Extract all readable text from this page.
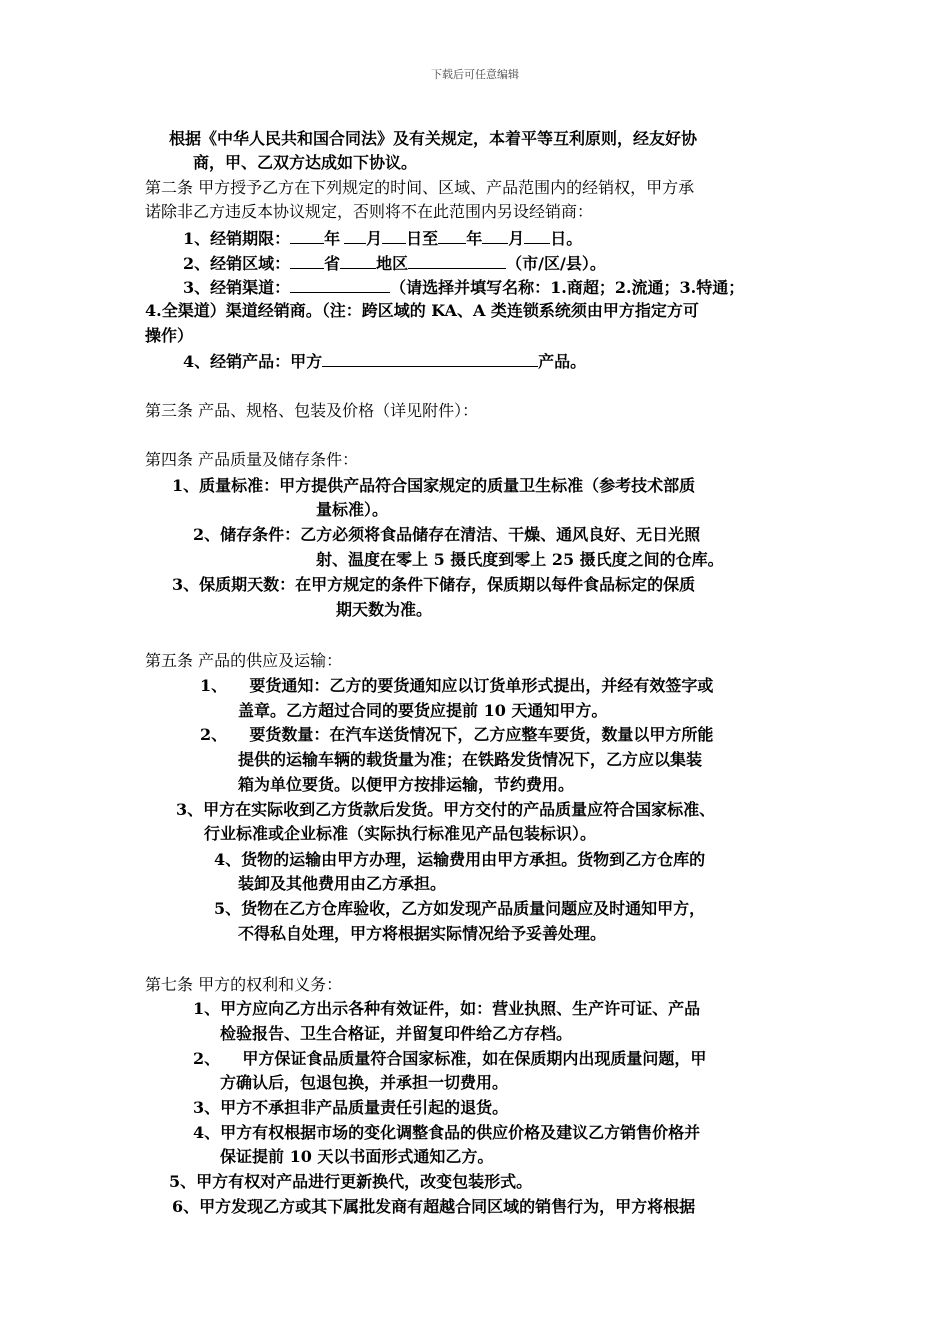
下载后可任意编辑
根据《中华人民共和国合同法》及有关规定，本着平等互利原则，经友好协
商，甲、乙双方达成如下协议。
第二条 甲方授予乙方在下列规定的时间、区域、产品范围内的经销权，甲方承
诺除非乙方违反本协议规定，否则将不在此范围内另设经销商：
1、经销期限： 年 月 日至 年 月 日。
2、经销区域： 省 地区	（市/区/县）。
3、经销渠道：	（请选择并填写名称：1.商超；2.流通；3.特通；
4.全渠道）渠道经销商。（注：跨区域的 KA、A 类连锁系统须由甲方指定方可
操作）
4、经销产品：甲方	产品。
第三条 产品、规格、包装及价格（详见附件）：
第四条 产品质量及储存条件：
1、质量标准：甲方提供产品符合国家规定的质量卫生标准（参考技术部质
量标准）。
2、储存条件：乙方必须将食品储存在清洁、干燥、通风良好、无日光照
射、温度在零上 5 摄氏度到零上 25 摄氏度之间的仓库。
3、保质期天数：在甲方规定的条件下储存，保质期以每件食品标定的保质
期天数为准。
第五条 产品的供应及运输：
1、    要货通知：乙方的要货通知应以订货单形式提出，并经有效签字或
盖章。乙方超过合同的要货应提前 10 天通知甲方。
2、    要货数量：在汽车送货情况下，乙方应整车要货，数量以甲方所能
提供的运输车辆的载货量为准；在铁路发货情况下，乙方应以集装
箱为单位要货。以便甲方按排运输，节约费用。
3、甲方在实际收到乙方货款后发货。甲方交付的产品质量应符合国家标准、
行业标准或企业标准（实际执行标准见产品包装标识）。
4、货物的运输由甲方办理，运输费用由甲方承担。货物到乙方仓库的
装卸及其他费用由乙方承担。
5、货物在乙方仓库验收，乙方如发现产品质量问题应及时通知甲方，
不得私自处理，甲方将根据实际情况给予妥善处理。
第七条 甲方的权利和义务：
1、甲方应向乙方出示各种有效证件，如：营业执照、生产许可证、产品
检验报告、卫生合格证，并留复印件给乙方存档。
2、    甲方保证食品质量符合国家标准，如在保质期内出现质量问题，甲
方确认后，包退包换，并承担一切费用。
3、甲方不承担非产品质量责任引起的退货。
4、甲方有权根据市场的变化调整食品的供应价格及建议乙方销售价格并
保证提前 10 天以书面形式通知乙方。
5、甲方有权对产品进行更新换代，改变包装形式。
6、甲方发现乙方或其下属批发商有超越合同区域的销售行为，甲方将根据
